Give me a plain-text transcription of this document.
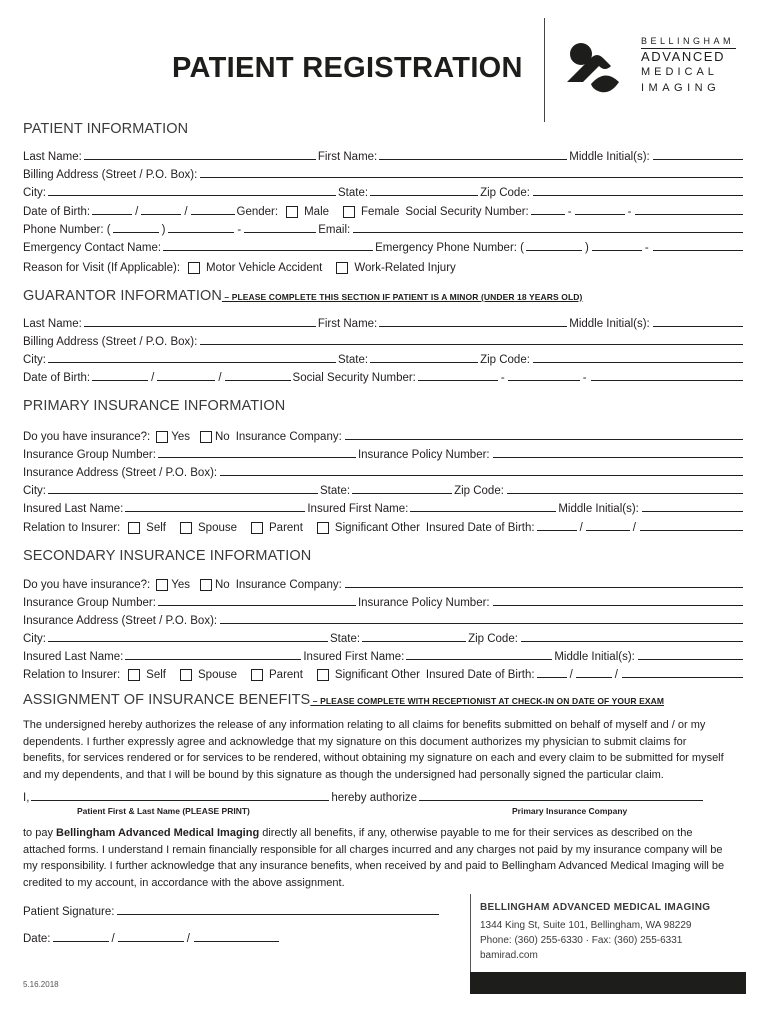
PATIENT REGISTRATION
BELLINGHAM
ADVANCED
MEDICAL
IMAGING
PATIENT INFORMATION
Last Name:	First Name:	Middle Initial(s):
Billing Address (Street / P.O. Box):
City:	State:	Zip Code:
Date of Birth:	/	/	Gender: Male	Female Social Security Number:	-	-
Phone Number: (	)	-	Email:
Emergency Contact Name:	Emergency Phone Number: (	)	-
Reason for Visit (If Applicable): Motor Vehicle Accident	Work-Related Injury
GUARANTOR INFORMATION – PLEASE COMPLETE THIS SECTION IF PATIENT IS A MINOR (UNDER 18 YEARS OLD)
Last Name:	First Name:	Middle Initial(s):
Billing Address (Street / P.O. Box):
City:	State:	Zip Code:
Date of Birth:	/	/	Social Security Number:	-	-
PRIMARY INSURANCE INFORMATION
Do you have insurance?: Yes No Insurance Company:
Insurance Group Number:	Insurance Policy Number:
Insurance Address (Street / P.O. Box):
City:	State:	Zip Code:
Insured Last Name:	Insured First Name:	Middle Initial(s):
Relation to Insurer: Self	Spouse	Parent	Significant Other Insured Date of Birth:	/	/
SECONDARY INSURANCE INFORMATION
Do you have insurance?: Yes No Insurance Company:
Insurance Group Number:	Insurance Policy Number:
Insurance Address (Street / P.O. Box):
City:	State:	Zip Code:
Insured Last Name:	Insured First Name:	Middle Initial(s):
Relation to Insurer: Self	Spouse	Parent	Significant Other Insured Date of Birth:	/	/
ASSIGNMENT OF INSURANCE BENEFITS – PLEASE COMPLETE WITH RECEPTIONIST AT CHECK-IN ON DATE OF YOUR EXAM
The undersigned hereby authorizes the release of any information relating to all claims for benefits submitted on behalf of myself and / or my dependents. I further expressly agree and acknowledge that my signature on this document authorizes my physician to submit claims for benefits, for services rendered or for services to be rendered, without obtaining my signature on each and every claim to be submitted for myself and my dependents, and that I will be bound by this signature as though the undersigned had personally signed the particular claim.
I,	hereby authorize
Patient First & Last Name (PLEASE PRINT)	Primary Insurance Company
to pay Bellingham Advanced Medical Imaging directly all benefits, if any, otherwise payable to me for their services as described on the attached forms. I understand I remain financially responsible for all charges incurred and any charges not paid by my insurance company will be my responsibility. I further acknowledge that any insurance benefits, when received by and paid to Bellingham Advanced Medical Imaging will be credited to my account, in accordance with the above assignment.
Patient Signature:
Date:	/	/
BELLINGHAM ADVANCED MEDICAL IMAGING
1344 King St, Suite 101, Bellingham, WA 98229
Phone: (360) 255-6330 · Fax: (360) 255-6331
bamirad.com
5.16.2018
